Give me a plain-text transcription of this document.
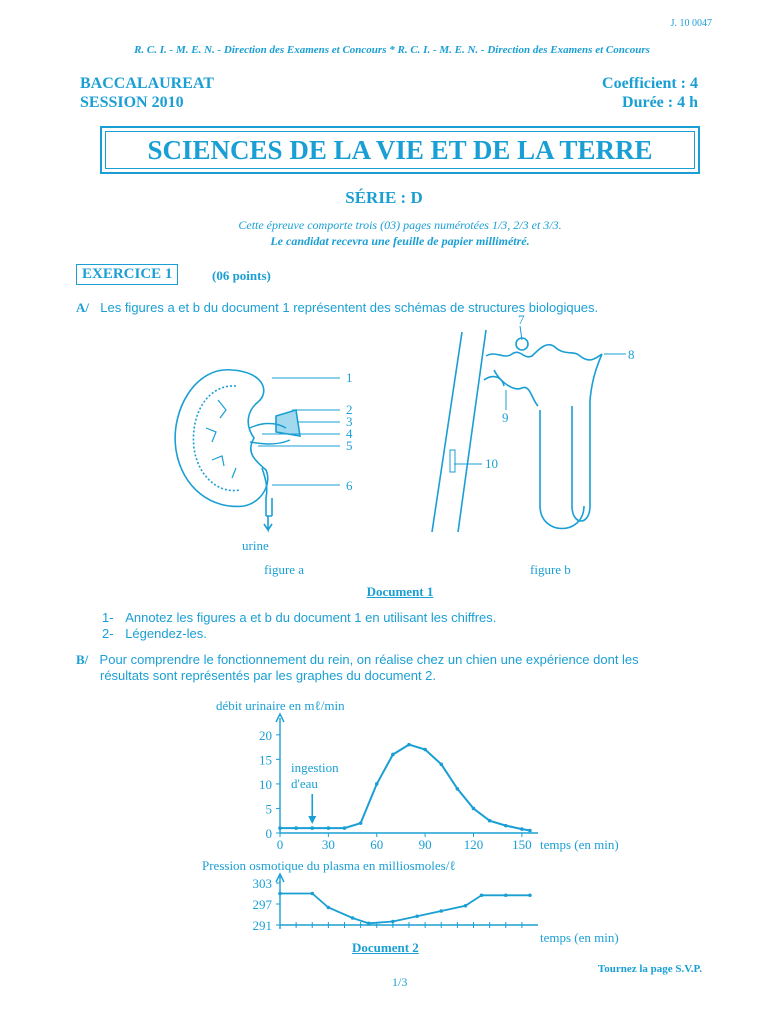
J. 10 0047
R. C. I. - M. E. N. - Direction des Examens et Concours * R. C. I. - M. E. N. - Direction des Examens et Concours
BACCALAUREAT
SESSION 2010
Coefficient : 4
Durée : 4 h
SCIENCES DE LA VIE ET DE LA TERRE
SÉRIE : D
Cette épreuve comporte trois (03) pages numérotées 1/3, 2/3 et 3/3.
Le candidat recevra une feuille de papier millimétré.
EXERCICE 1	(06 points)
A/ Les figures a et b du document 1 représentent des schémas de structures biologiques.
1
2
3
4
5
6
urine
figure a
7
8
9
10
figure b
Document 1
1- Annotez les figures a et b du document 1 en utilisant les chiffres.
2- Légendez-les.
B/ Pour comprendre le fonctionnement du rein, on réalise chez un chien une expérience dont les
résultats sont représentés par les graphes du document 2.
débit urinaire en mℓ/min
0
5
10
15
20
0	30	60	90 120 150 temps (en min)
ingestion
d'eau
Pression osmotique du plasma en milliosmoles/ℓ
291
297
303
temps (en min)
Document 2
Tournez la page S.V.P.
1/3
